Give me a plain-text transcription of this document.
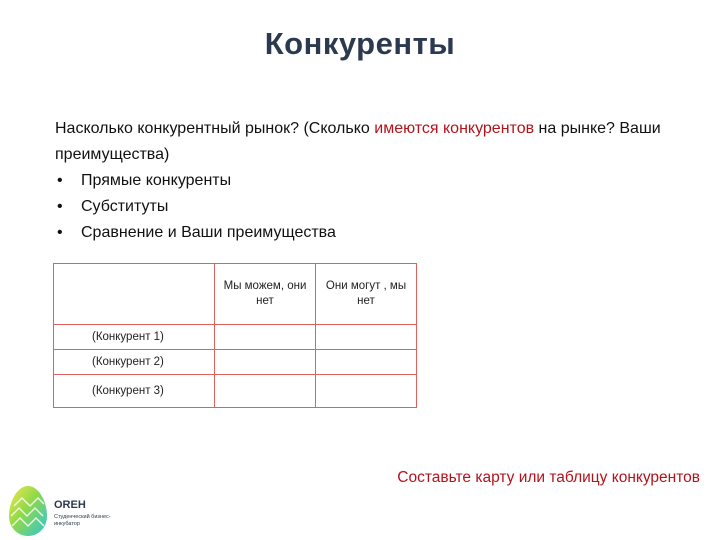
Конкуренты
Насколько конкурентный рынок? (Сколько имеются конкурентов на рынке? Ваши преимущества)
• Прямые конкуренты
• Субституты
• Сравнение и Ваши преимущества
	Мы можем, они нет	Они могут , мы нет
(Конкурент 1)		
(Конкурент 2)		
(Конкурент 3)		
Составьте карту или таблицу конкурентов
OREH
Студенческий бизнес-инкубатор
